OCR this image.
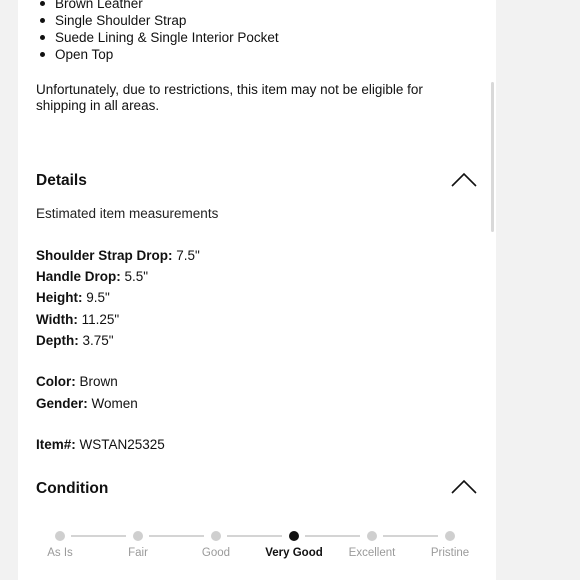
Brown Leather
Single Shoulder Strap
Suede Lining & Single Interior Pocket
Open Top
Unfortunately, due to restrictions, this item may not be eligible for shipping in all areas.
Details
Estimated item measurements
Shoulder Strap Drop: 7.5"
Handle Drop: 5.5"
Height: 9.5"
Width: 11.25"
Depth: 3.75"
Color: Brown
Gender: Women
Item#: WSTAN25325
Condition
As Is	Fair	Good	Very Good	Excellent	Pristine
